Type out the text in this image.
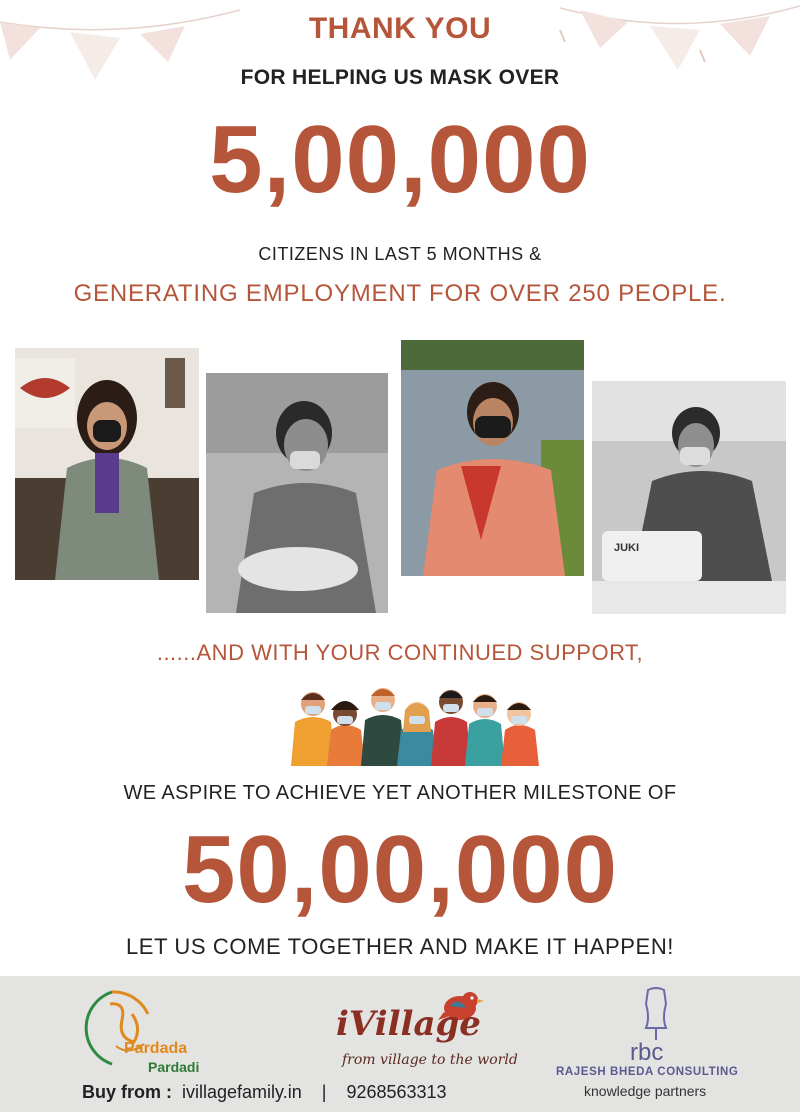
THANK YOU
FOR HELPING US MASK OVER
5,00,000
CITIZENS IN LAST 5 MONTHS &
GENERATING EMPLOYMENT FOR OVER 250 PEOPLE.
JUKI
......AND WITH YOUR CONTINUED SUPPORT,
WE ASPIRE TO ACHIEVE YET ANOTHER MILESTONE OF
50,00,000
LET US COME TOGETHER AND MAKE IT HAPPEN!
Pardada
Pardadi
iVillage
from village to the world	rbc
RAJESH BHEDA CONSULTING
knowledge partners
Buy from : ivillagefamily.in | 9268563313
